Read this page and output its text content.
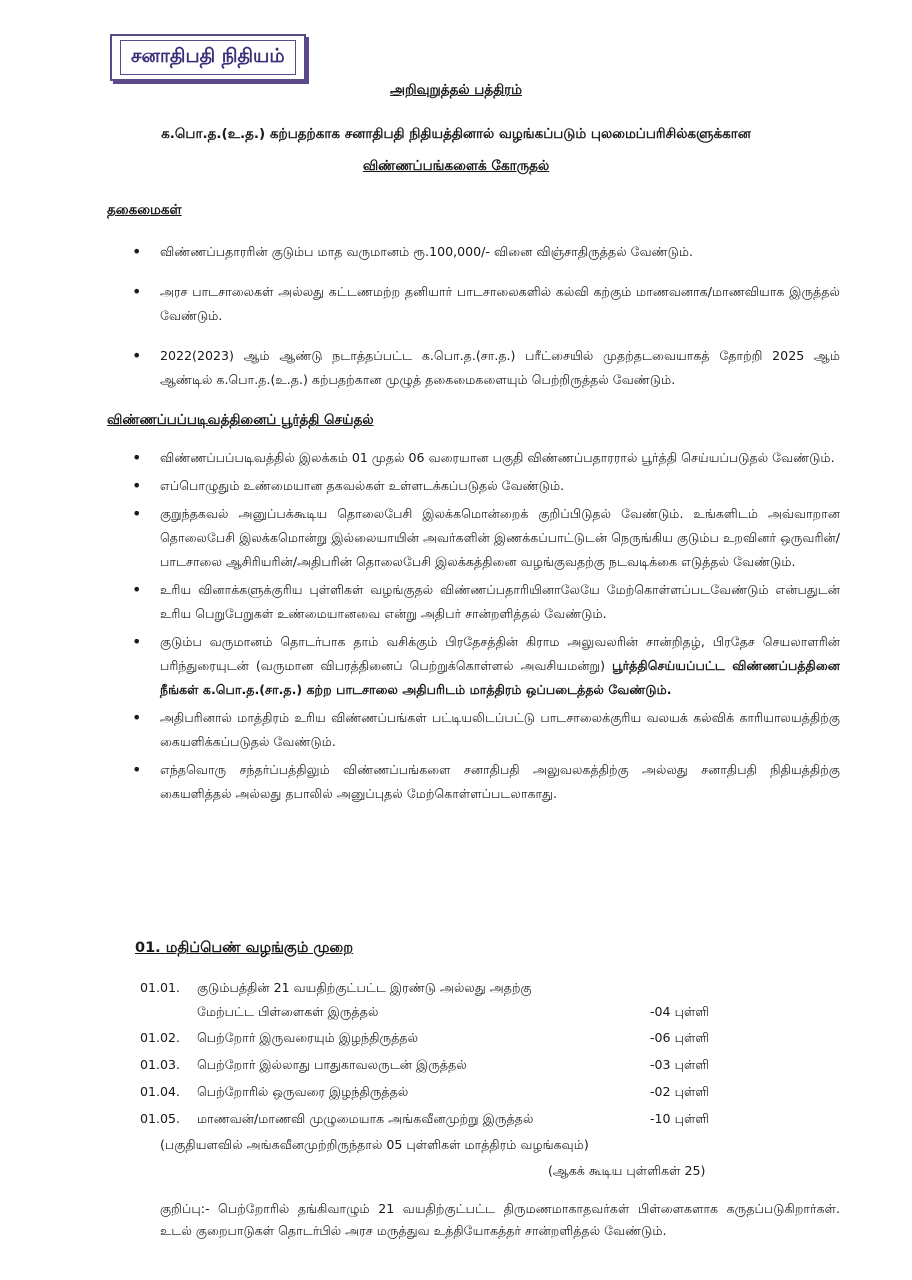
சனாதிபதி நிதியம்
அறிவுறுத்தல் பத்திரம்
க.பொ.த.(உ.த.) கற்பதற்காக சனாதிபதி நிதியத்தினால் வழங்கப்படும் புலமைப்பரிசில்களுக்கான
விண்ணப்பங்களைக் கோருதல்
தகைமைகள்
• விண்ணப்பதாரரின் குடும்ப மாத வருமானம் ரூ.100,000/- வினை விஞ்சாதிருத்தல் வேண்டும்.
• அரச பாடசாலைகள் அல்லது கட்டணமற்ற தனியார் பாடசாலைகளில் கல்வி கற்கும் மாணவனாக/மாணவியாக இருத்தல் வேண்டும்.
• 2022(2023) ஆம் ஆண்டு நடாத்தப்பட்ட க.பொ.த.(சா.த.) பரீட்சையில் முதற்தடவையாகத் தோற்றி 2025 ஆம் ஆண்டில் க.பொ.த.(உ.த.) கற்பதற்கான முழுத் தகைமைகளையும் பெற்றிருத்தல் வேண்டும்.
விண்ணப்பப்படிவத்தினைப் பூர்த்தி செய்தல்
• விண்ணப்பப்படிவத்தில் இலக்கம் 01 முதல் 06 வரையான பகுதி விண்ணப்பதாரரால் பூர்த்தி செய்யப்படுதல் வேண்டும்.
• எப்பொழுதும் உண்மையான தகவல்கள் உள்ளடக்கப்படுதல் வேண்டும்.
• குறுந்தகவல் அனுப்பக்கூடிய தொலைபேசி இலக்கமொன்றைக் குறிப்பிடுதல் வேண்டும். உங்களிடம் அவ்வாறான தொலைபேசி இலக்கமொன்று இல்லையாயின் அவர்களின் இணக்கப்பாட்டுடன் நெருங்கிய குடும்ப உறவினர் ஒருவரின்/பாடசாலை ஆசிரியரின்/அதிபரின் தொலைபேசி இலக்கத்தினை வழங்குவதற்கு நடவடிக்கை எடுத்தல் வேண்டும்.
• உரிய வினாக்களுக்குரிய புள்ளிகள் வழங்குதல் விண்ணப்பதாரியினாலேயே மேற்கொள்ளப்படவேண்டும் என்பதுடன் உரிய பெறுபேறுகள் உண்மையானவை என்று அதிபர் சான்றளித்தல் வேண்டும்.
• குடும்ப வருமானம் தொடர்பாக தாம் வசிக்கும் பிரதேசத்தின் கிராம அலுவலரின் சான்றிதழ், பிரதேச செயலாளரின் பரிந்துரையுடன் (வருமான விபரத்தினைப் பெற்றுக்கொள்ளல் அவசியமன்று) பூர்த்திசெய்யப்பட்ட விண்ணப்பத்தினை நீங்கள் க.பொ.த.(சா.த.) கற்ற பாடசாலை அதிபரிடம் மாத்திரம் ஒப்படைத்தல் வேண்டும்.
• அதிபரினால் மாத்திரம் உரிய விண்ணப்பங்கள் பட்டியலிடப்பட்டு பாடசாலைக்குரிய வலயக் கல்விக் காரியாலயத்திற்கு கையளிக்கப்படுதல் வேண்டும்.
• எந்தவொரு சந்தர்ப்பத்திலும் விண்ணப்பங்களை சனாதிபதி அலுவலகத்திற்கு அல்லது சனாதிபதி நிதியத்திற்கு கையளித்தல் அல்லது தபாலில் அனுப்புதல் மேற்கொள்ளப்படலாகாது.
01. மதிப்பெண் வழங்கும் முறை
01.01. குடும்பத்தின் 21 வயதிற்குட்பட்ட இரண்டு அல்லது அதற்கு
மேற்பட்ட பிள்ளைகள் இருத்தல்	-04 புள்ளி
01.02. பெற்றோர் இருவரையும் இழந்திருத்தல்	-06 புள்ளி
01.03. பெற்றோர் இல்லாது பாதுகாவலருடன் இருத்தல்	-03 புள்ளி
01.04. பெற்றோரில் ஒருவரை இழந்திருத்தல்	-02 புள்ளி
01.05. மாணவன்/மாணவி முழுமையாக அங்கவீனமுற்று இருத்தல்	-10 புள்ளி
(பகுதியளவில் அங்கவீனமுற்றிருந்தால் 05 புள்ளிகள் மாத்திரம் வழங்கவும்)
(ஆகக் கூடிய புள்ளிகள் 25)
குறிப்பு:- பெற்றோரில் தங்கிவாழும் 21 வயதிற்குட்பட்ட திருமணமாகாதவர்கள் பிள்ளைகளாக கருதப்படுகிறார்கள். உடல் குறைபாடுகள் தொடர்பில் அரச மருத்துவ உத்தியோகத்தர் சான்றளித்தல் வேண்டும்.
